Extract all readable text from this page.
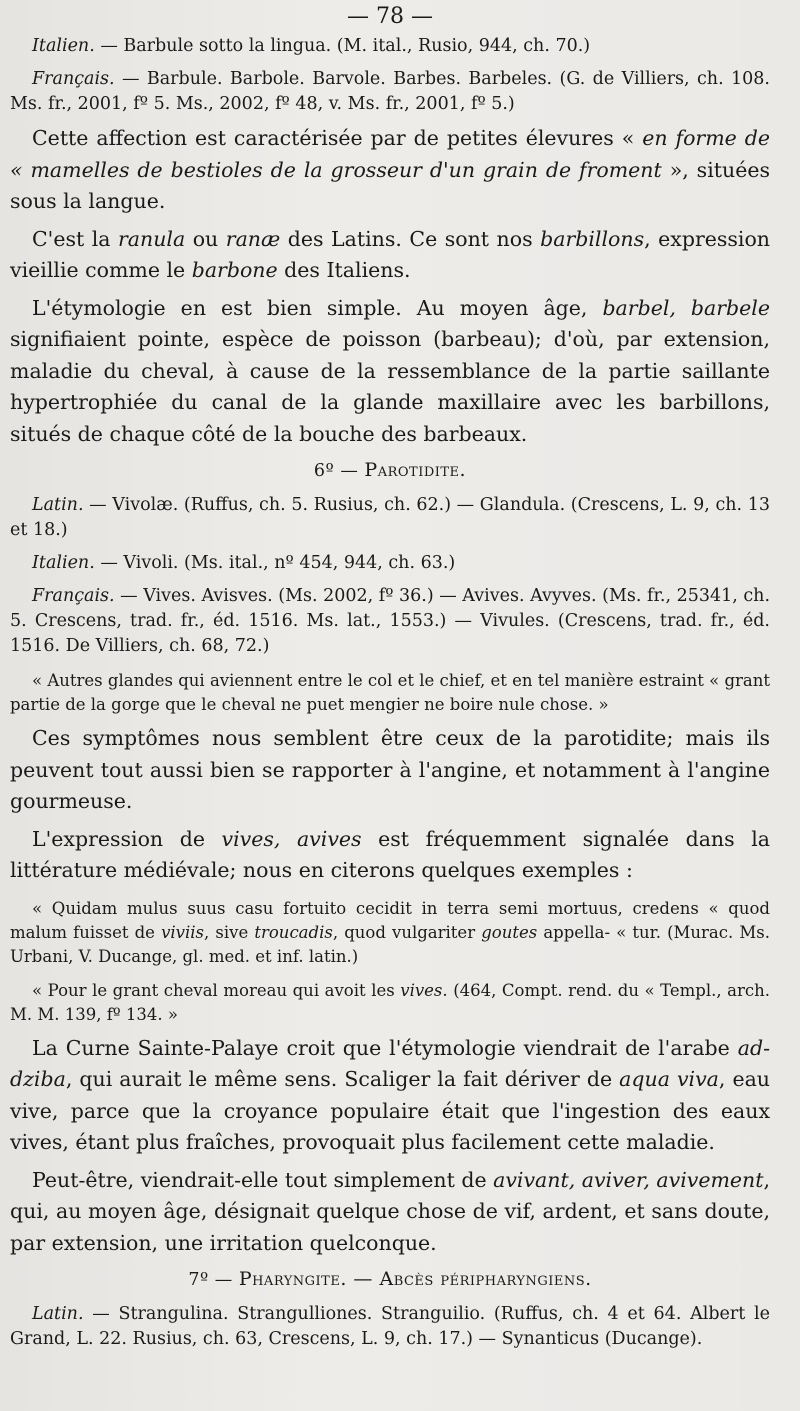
— 78 —

Italien. — Barbule sotto la lingua. (M. ital., Rusio, 944, ch. 70.)

Français. — Barbule. Barbole. Barvole. Barbes. Barbeles. (G. de Villiers, ch. 108. Ms. fr., 2001, fº 5. Ms., 2002, fº 48, v. Ms. fr., 2001, fº 5.)

Cette affection est caractérisée par de petites élevures « en forme de « mamelles de bestioles de la grosseur d'un grain de froment », situées sous la langue.

C'est la ranula ou ranæ des Latins. Ce sont nos barbillons, expression vieillie comme le barbone des Italiens.

L'étymologie en est bien simple. Au moyen âge, barbel, barbele signifiaient pointe, espèce de poisson (barbeau); d'où, par extension, maladie du cheval, à cause de la ressemblance de la partie saillante hypertrophiée du canal de la glande maxillaire avec les barbillons, situés de chaque côté de la bouche des barbeaux.

6º — Parotidite.

Latin. — Vivolæ. (Ruffus, ch. 5. Rusius, ch. 62.) — Glandula. (Crescens, L. 9, ch. 13 et 18.)

Italien. — Vivoli. (Ms. ital., nº 454, 944, ch. 63.)

Français. — Vives. Avisves. (Ms. 2002, fº 36.) — Avives. Avyves. (Ms. fr., 25341, ch. 5. Crescens, trad. fr., éd. 1516. Ms. lat., 1553.) — Vivules. (Crescens, trad. fr., éd. 1516. De Villiers, ch. 68, 72.)

« Autres glandes qui aviennent entre le col et le chief, et en tel manière estraint « grant partie de la gorge que le cheval ne puet mengier ne boire nule chose. »

Ces symptômes nous semblent être ceux de la parotidite; mais ils peuvent tout aussi bien se rapporter à l'angine, et notamment à l'angine gourmeuse.

L'expression de vives, avives est fréquemment signalée dans la littérature médiévale; nous en citerons quelques exemples :

« Quidam mulus suus casu fortuito cecidit in terra semi mortuus, credens « quod malum fuisset de viviis, sive troucadis, quod vulgariter goutes appella- « tur. (Murac. Ms. Urbani, V. Ducange, gl. med. et inf. latin.)

« Pour le grant cheval moreau qui avoit les vives. (464, Compt. rend. du « Templ., arch. M. M. 139, fº 134. »

La Curne Sainte-Palaye croit que l'étymologie viendrait de l'arabe ad-dziba, qui aurait le même sens. Scaliger la fait dériver de aqua viva, eau vive, parce que la croyance populaire était que l'ingestion des eaux vives, étant plus fraîches, provoquait plus facilement cette maladie.

Peut-être, viendrait-elle tout simplement de avivant, aviver, avivement, qui, au moyen âge, désignait quelque chose de vif, ardent, et sans doute, par extension, une irritation quelconque.

7º — Pharyngite. — Abcès péripharyngiens.

Latin. — Strangulina. Strangulliones. Stranguilio. (Ruffus, ch. 4 et 64. Albert le Grand, L. 22. Rusius, ch. 63, Crescens, L. 9, ch. 17.) — Synanticus (Ducange).
